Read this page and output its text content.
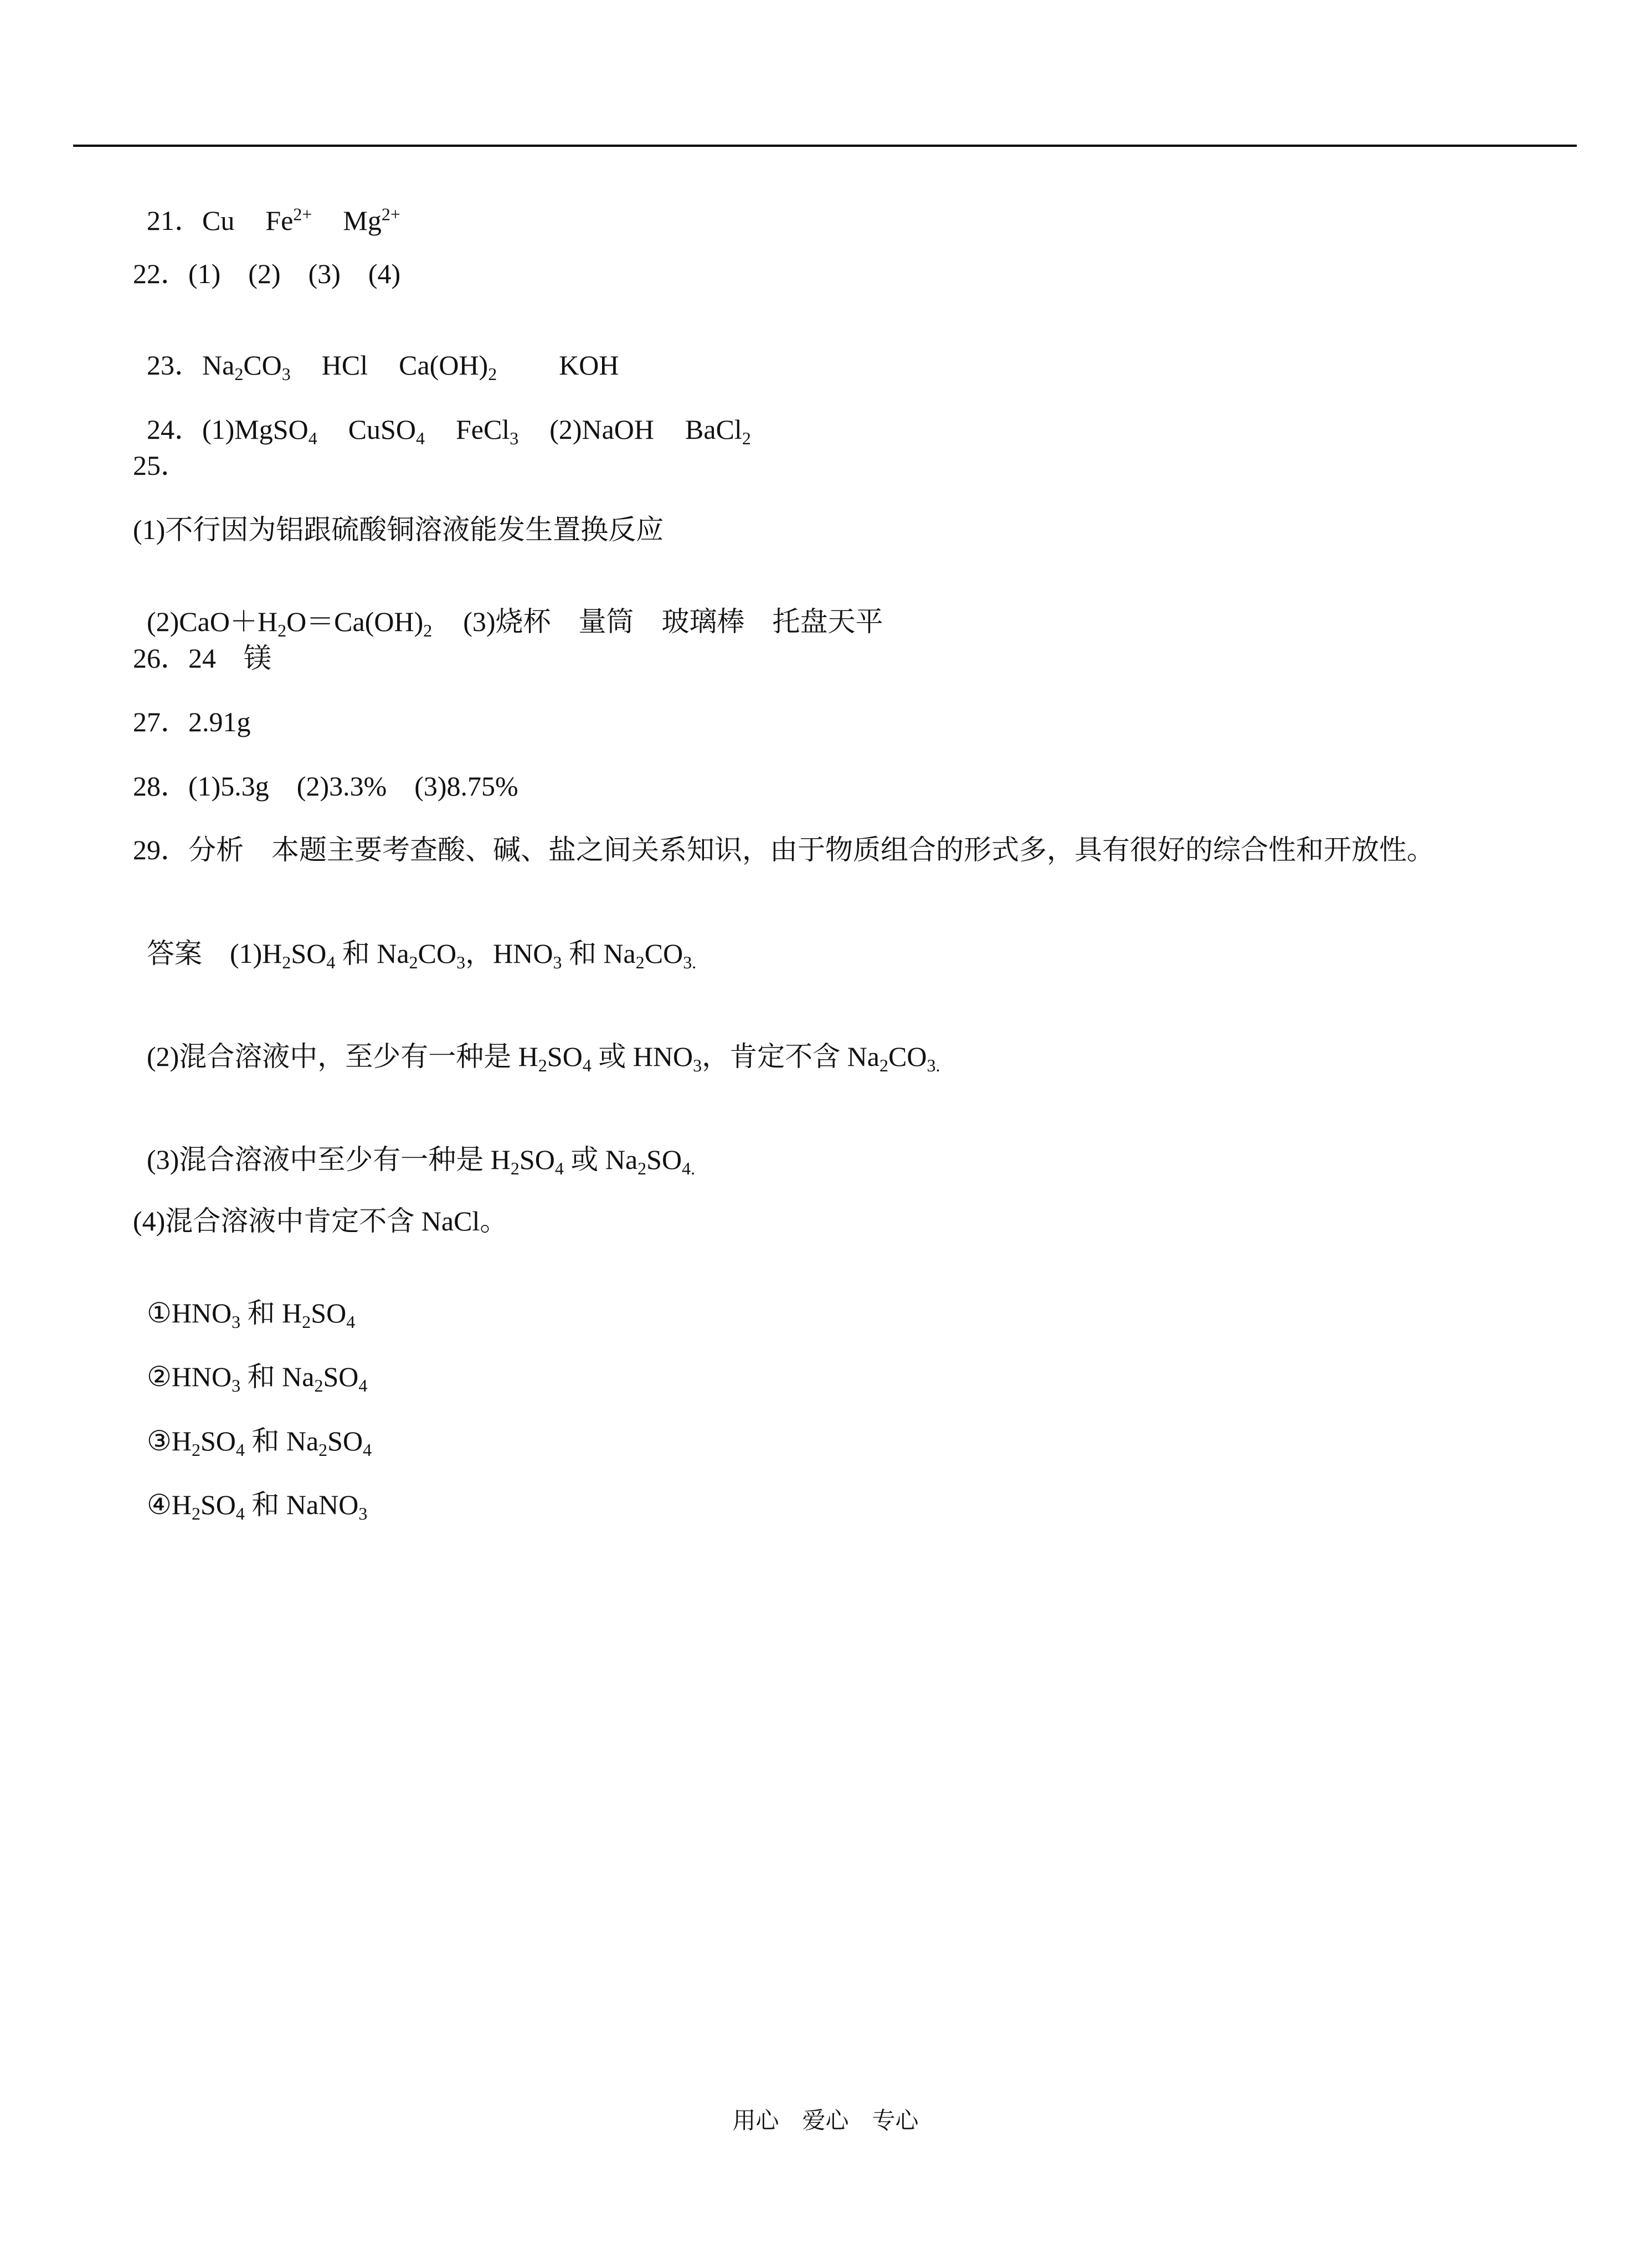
21．Cu $Fe^{2+}$ $Mg^{2+}$

22．(1)　(2)　(3)　(4)

23．$Na_2CO_3$ HCl $Ca(OH)_2$ KOH

24．(1)MgSO$_4$ CuSO$_4$ FeCl$_3$ (2)NaOH BaCl$_2$

25．
(1)不行因为铝跟硫酸铜溶液能发生置换反应

$(2)CaO+H_2O=Ca(OH)_2$ (3)烧杯　量筒　玻璃棒　托盘天平

26．24　镁
27．2.91g
28．(1)5.3g　(2)3.3%　(3)8.75%
29．分析　本题主要考查酸、碱、盐之间关系知识，由于物质组合的形式多，具有很好的综合性和开放性。

答案　$(1)H_2SO_4$ 和 $Na_2CO_3$，$HNO_3$ 和 $Na_2CO_{3.}$

(2)混合溶液中，至少有一种是 $H_2SO_4$ 或 $HNO_3$，肯定不含 $Na_2CO_{3.}$

(3)混合溶液中至少有一种是 $H_2SO_4$ 或 $Na_2SO_{4.}$

(4)混合溶液中肯定不含 NaCl。

$①HNO_3$ 和 $H_2SO_4$

$②HNO_3$ 和 $Na_2SO_4$

$③H_2SO_4$ 和 $Na_2SO_4$

$④H_2SO_4$ 和 NaNO$_3$

用心　爱心　专心
